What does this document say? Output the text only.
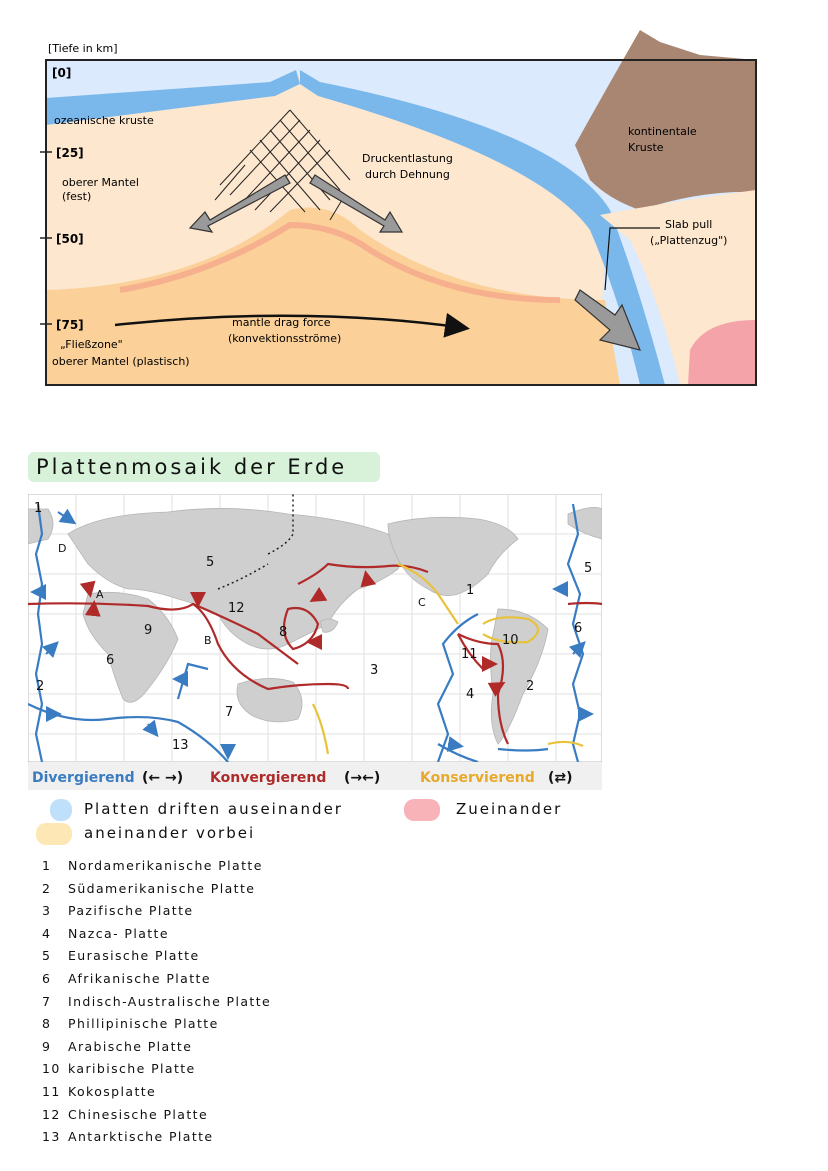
[Tiefe in km]
[0]
[25]
[50]
[75]
ozeanische kruste
oberer Mantel
(fest)
Druckentlastung
durch Dehnung
kontinentale
Kruste
Slab pull
(„Plattenzug")
mantle drag force
(konvektionsströme)
„Fließzone"
oberer Mantel (plastisch)
Plattenmosaik der Erde
1
1
2
2
3
4
5	5
6
6
7
8
9
10
11
12
13
A
B
C
D
Divergierend (← →) Konvergierend (→←)	Konservierend (⇄)
Platten driften auseinander	Zueinander
aneinander vorbei
1 Nordamerikanische Platte
2 Südamerikanische Platte
3 Pazifische Platte
4 Nazca- Platte
5 Eurasische Platte
6 Afrikanische Platte
7 Indisch-Australische Platte
8 Phillipinische Platte
9 Arabische Platte
10 karibische Platte
11 Kokosplatte
12 Chinesische Platte
13 Antarktische Platte
